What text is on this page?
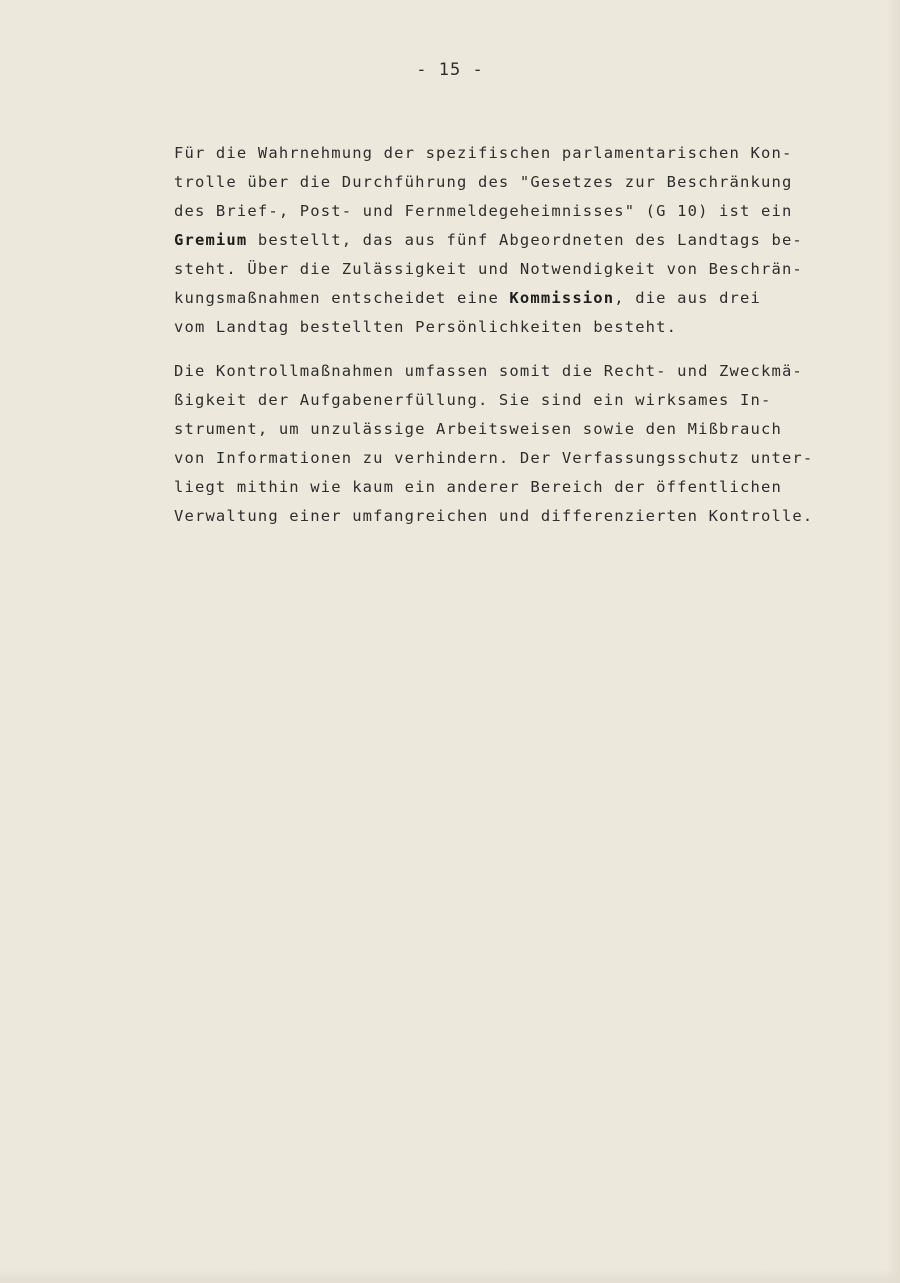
- 15 -
Für die Wahrnehmung der spezifischen parlamentarischen Kon-
trolle über die Durchführung des "Gesetzes zur Beschränkung
des Brief-, Post- und Fernmeldegeheimnisses" (G 10) ist ein
Gremium bestellt, das aus fünf Abgeordneten des Landtags be-
steht. Über die Zulässigkeit und Notwendigkeit von Beschrän-
kungsmaßnahmen entscheidet eine Kommission, die aus drei
vom Landtag bestellten Persönlichkeiten besteht.
Die Kontrollmaßnahmen umfassen somit die Recht- und Zweckmä-
ßigkeit der Aufgabenerfüllung. Sie sind ein wirksames In-
strument, um unzulässige Arbeitsweisen sowie den Mißbrauch
von Informationen zu verhindern. Der Verfassungsschutz unter-
liegt mithin wie kaum ein anderer Bereich der öffentlichen
Verwaltung einer umfangreichen und differenzierten Kontrolle.
